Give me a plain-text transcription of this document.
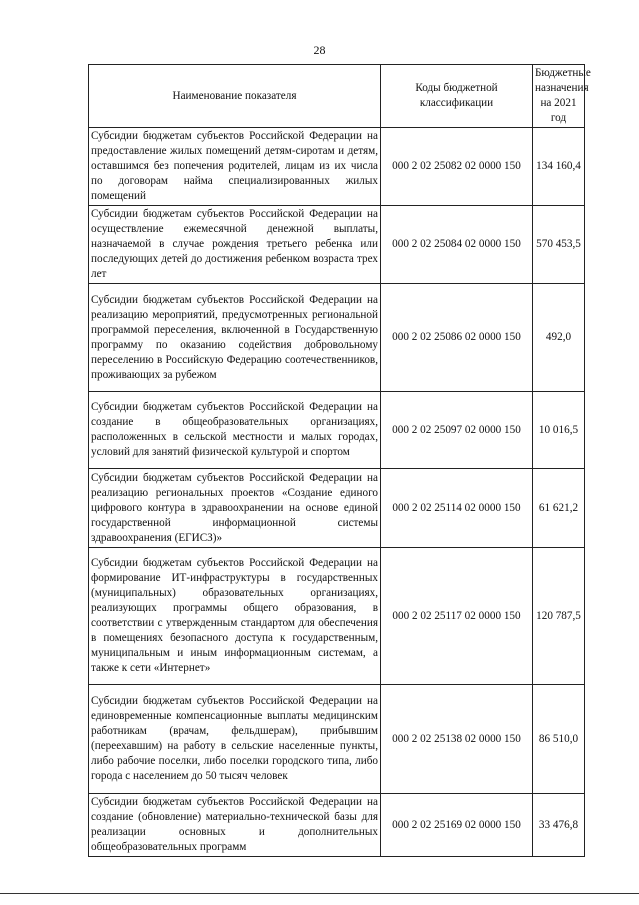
28
Наименование показателя	Коды бюджетной классификации	Бюджетные назначения на 2021 год
Субсидии бюджетам субъектов Российской Федерации на предоставление жилых помещений детям-сиротам и детям, оставшимся без попечения родителей, лицам из их числа по договорам найма специализированных жилых помещений	000 2 02 25082 02 0000 150	134 160,4
Субсидии бюджетам субъектов Российской Федерации на осуществление ежемесячной денежной выплаты, назначаемой в случае рождения третьего ребенка или последующих детей до достижения ребенком возраста трех лет	000 2 02 25084 02 0000 150	570 453,5
Субсидии бюджетам субъектов Российской Федерации на реализацию мероприятий, предусмотренных региональной программой переселения, включенной в Государственную программу по оказанию содействия добровольному переселению в Российскую Федерацию соотечественников, проживающих за рубежом	000 2 02 25086 02 0000 150	492,0
Субсидии бюджетам субъектов Российской Федерации на создание в общеобразовательных организациях, расположенных в сельской местности и малых городах, условий для занятий физической культурой и спортом	000 2 02 25097 02 0000 150	10 016,5
Субсидии бюджетам субъектов Российской Федерации на реализацию региональных проектов «Создание единого цифрового контура в здравоохранении на основе единой государственной информационной системы здравоохранения (ЕГИСЗ)»	000 2 02 25114 02 0000 150	61 621,2
Субсидии бюджетам субъектов Российской Федерации на формирование ИТ-инфраструктуры в государственных (муниципальных) образовательных организациях, реализующих программы общего образования, в соответствии с утвержденным стандартом для обеспечения в помещениях безопасного доступа к государственным, муниципальным и иным информационным системам, а также к сети «Интернет»	000 2 02 25117 02 0000 150	120 787,5
Субсидии бюджетам субъектов Российской Федерации на единовременные компенсационные выплаты медицинским работникам (врачам, фельдшерам), прибывшим (переехавшим) на работу в сельские населенные пункты, либо рабочие поселки, либо поселки городского типа, либо города с населением до 50 тысяч человек	000 2 02 25138 02 0000 150	86 510,0
Субсидии бюджетам субъектов Российской Федерации на создание (обновление) материально-технической базы для реализации основных и дополнительных общеобразовательных программ	000 2 02 25169 02 0000 150	33 476,8
